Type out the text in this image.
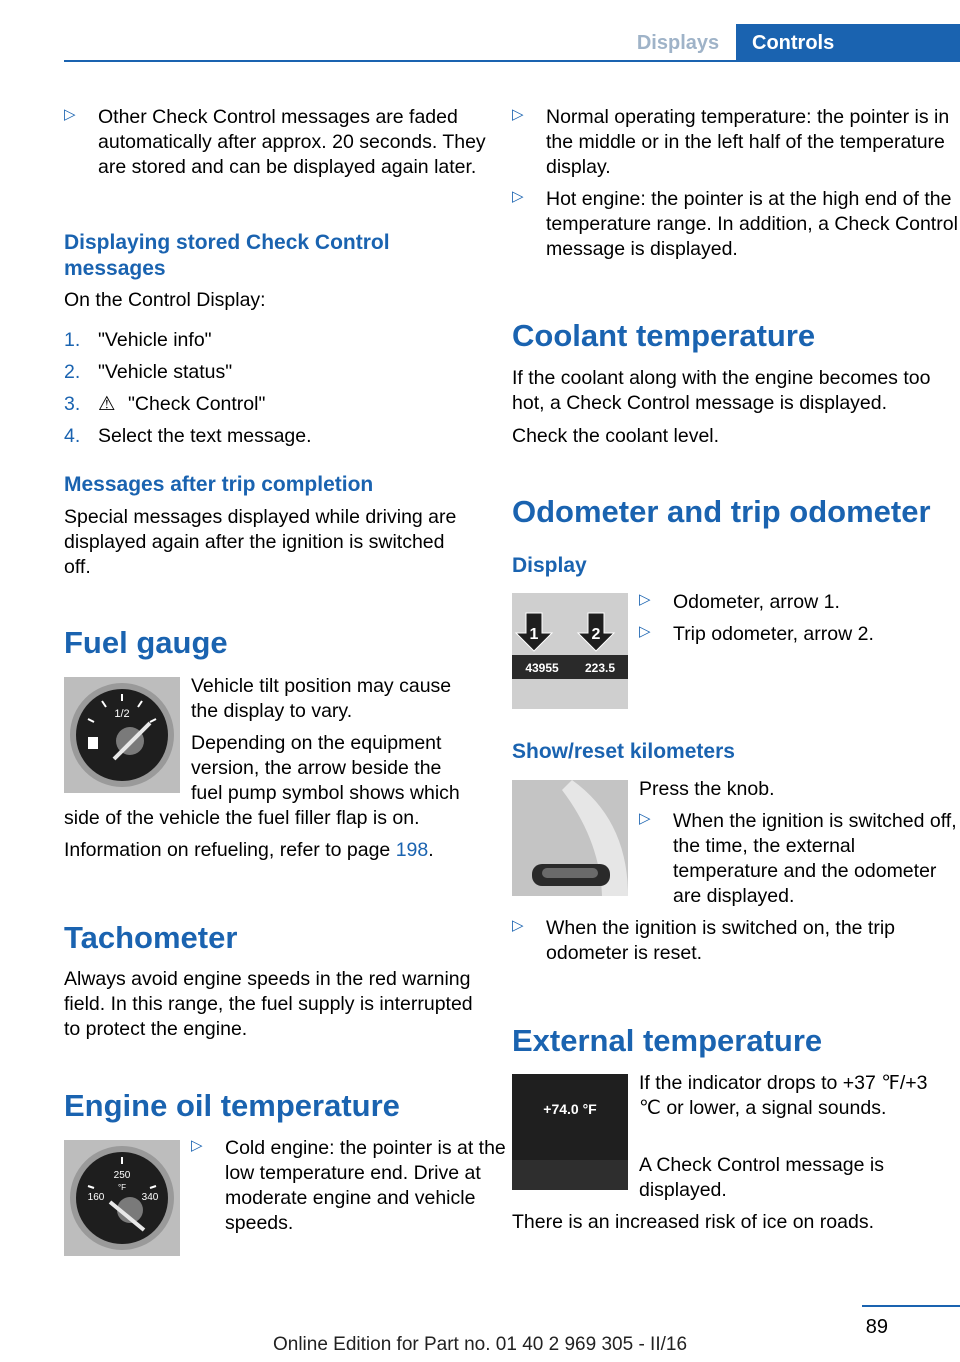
Displays	Controls
▷ Other Check Control messages are faded automatically after approx. 20 seconds. They are stored and can be displayed again later.

Displaying stored Check Control messages

On the Control Display:

1. "Vehicle info"

2. "Vehicle status"

3. ⚠ "Check Control"

4. Select the text message.

Messages after trip completion

Special messages displayed while driving are displayed again after the ignition is switched off.

Fuel gauge
1/2

Vehicle tilt position may cause the display to vary.

Depending on the equipment version, the arrow beside the fuel pump symbol shows which

side of the vehicle the fuel filler flap is on.

Information on refueling, refer to page 198.

Tachometer

Always avoid engine speeds in the red warning field. In this range, the fuel supply is interrupted to protect the engine.

Engine oil temperature
250
°F
160	340
▷ Cold engine: the pointer is at the low temperature end. Drive at moderate engine and vehicle speeds.

▷ Normal operating temperature: the pointer is in the middle or in the left half of the temperature display.

▷ Hot engine: the pointer is at the high end of the temperature range. In addition, a Check Control message is displayed.

Coolant temperature

If the coolant along with the engine becomes too hot, a Check Control message is displayed.

Check the coolant level.

Odometer and trip odometer
Display
1	2
43955 223.5
▷ Odometer, arrow 1.

▷ Trip odometer, arrow 2.

Show/reset kilometers

Press the knob.

▷ When the ignition is switched off, the time, the external temperature and the odometer are displayed.

▷ When the ignition is switched on, the trip odometer is reset.

External temperature
+74.0 °F

If the indicator drops to +37 ℉/+3 ℃ or lower, a signal sounds.

A Check Control message is displayed.

There is an increased risk of ice on roads.

89
Online Edition for Part no. 01 40 2 969 305 - II/16
